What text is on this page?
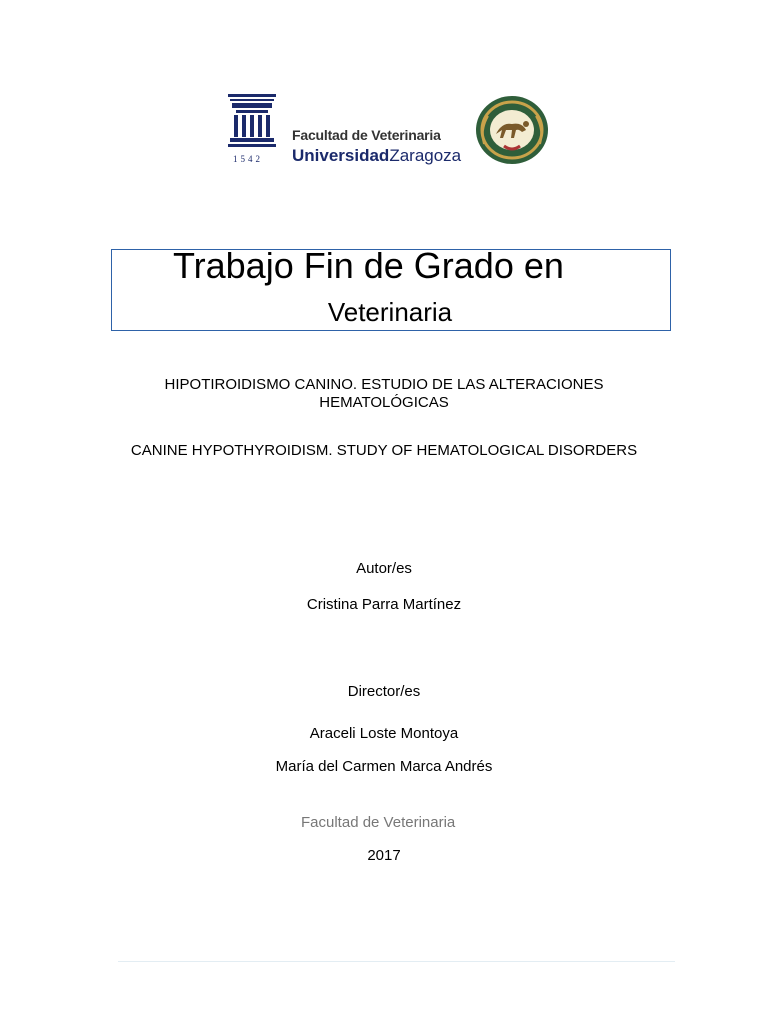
1542
Facultad de Veterinaria
UniversidadZaragoza
Trabajo Fin de Grado en
Veterinaria
HIPOTIROIDISMO CANINO. ESTUDIO DE LAS ALTERACIONES
HEMATOLÓGICAS
CANINE HYPOTHYROIDISM. STUDY OF HEMATOLOGICAL DISORDERS
Autor/es
Cristina Parra Martínez
Director/es
Araceli Loste Montoya
María del Carmen Marca Andrés
Facultad de Veterinaria
2017
